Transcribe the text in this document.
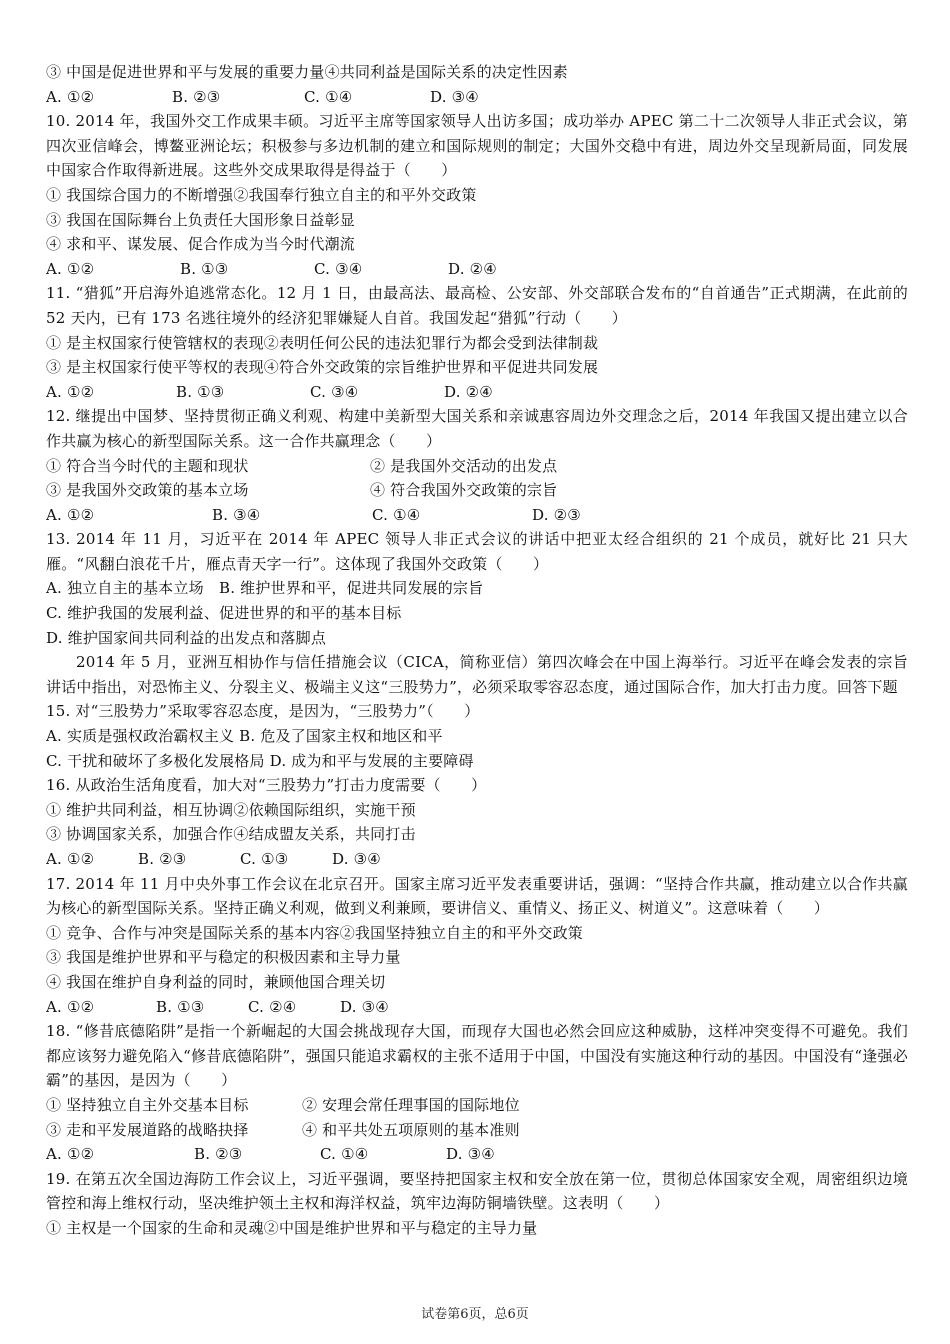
③ 中国是促进世界和平与发展的重要力量④共同利益是国际关系的决定性因素
A. ①②	B. ②③	C. ①④	D. ③④
10. 2014 年，我国外交工作成果丰硕。习近平主席等国家领导人出访多国；成功举办 APEC 第二十二次领导人非正式会议，第四次亚信峰会，博鳌亚洲论坛；积极参与多边机制的建立和国际规则的制定；大国外交稳中有进，周边外交呈现新局面，同发展中国家合作取得新进展。这些外交成果取得是得益于（　　）
① 我国综合国力的不断增强②我国奉行独立自主的和平外交政策
③ 我国在国际舞台上负责任大国形象日益彰显
④ 求和平、谋发展、促合作成为当今时代潮流
A. ①②	B. ①③	C. ③④	D. ②④
11. “猎狐”开启海外追逃常态化。12 月 1 日，由最高法、最高检、公安部、外交部联合发布的“自首通告”正式期满，在此前的 52 天内，已有 173 名逃往境外的经济犯罪嫌疑人自首。我国发起“猎狐”行动（　　）
① 是主权国家行使管辖权的表现②表明任何公民的违法犯罪行为都会受到法律制裁
③ 是主权国家行使平等权的表现④符合外交政策的宗旨维护世界和平促进共同发展
A. ①②	B. ①③	C. ③④	D. ②④
12. 继提出中国梦、坚持贯彻正确义利观、构建中美新型大国关系和亲诚惠容周边外交理念之后，2014 年我国又提出建立以合作共赢为核心的新型国际关系。这一合作共赢理念（　　）
① 符合当今时代的主题和现状	② 是我国外交活动的出发点
③ 是我国外交政策的基本立场	④ 符合我国外交政策的宗旨
A. ①②	B. ③④	C. ①④	D. ②③
13. 2014 年 11 月，习近平在 2014 年 APEC 领导人非正式会议的讲话中把亚太经合组织的 21 个成员，就好比 21 只大雁。“风翻白浪花千片，雁点青天字一行”。这体现了我国外交政策（　　）
A. 独立自主的基本立场　B. 维护世界和平，促进共同发展的宗旨
C. 维护我国的发展利益、促进世界的和平的基本目标
D. 维护国家间共同利益的出发点和落脚点
2014 年 5 月，亚洲互相协作与信任措施会议（CICA，简称亚信）第四次峰会在中国上海举行。习近平在峰会发表的宗旨讲话中指出，对恐怖主义、分裂主义、极端主义这“三股势力”，必须采取零容忍态度，通过国际合作，加大打击力度。回答下题
15. 对“三股势力”采取零容忍态度，是因为，“三股势力”（　　）
A. 实质是强权政治霸权主义 B. 危及了国家主权和地区和平
C. 干扰和破坏了多极化发展格局 D. 成为和平与发展的主要障碍
16. 从政治生活角度看，加大对“三股势力”打击力度需要（　　）
① 维护共同利益，相互协调②依赖国际组织，实施干预
③ 协调国家关系，加强合作④结成盟友关系，共同打击
A. ①②	B. ②③	C. ①③	D. ③④
17. 2014 年 11 月中央外事工作会议在北京召开。国家主席习近平发表重要讲话，强调：“坚持合作共赢，推动建立以合作共赢为核心的新型国际关系。坚持正确义利观，做到义利兼顾，要讲信义、重情义、扬正义、树道义”。这意味着（　　）
① 竞争、合作与冲突是国际关系的基本内容②我国坚持独立自主的和平外交政策
③ 我国是维护世界和平与稳定的积极因素和主导力量
④ 我国在维护自身利益的同时，兼顾他国合理关切
A. ①②	B. ①③	C. ②④	D. ③④
18. “修昔底德陷阱”是指一个新崛起的大国会挑战现存大国，而现存大国也必然会回应这种威胁，这样冲突变得不可避免。我们都应该努力避免陷入“修昔底德陷阱”，强国只能追求霸权的主张不适用于中国，中国没有实施这种行动的基因。中国没有“逢强必霸”的基因，是因为（　　）
① 坚持独立自主外交基本目标	② 安理会常任理事国的国际地位
③ 走和平发展道路的战略抉择	④ 和平共处五项原则的基本准则
A. ①②	B. ②③	C. ①④	D. ③④
19. 在第五次全国边海防工作会议上，习近平强调，要坚持把国家主权和安全放在第一位，贯彻总体国家安全观，周密组织边境管控和海上维权行动，坚决维护领土主权和海洋权益，筑牢边海防铜墙铁壁。这表明（　　）
① 主权是一个国家的生命和灵魂②中国是维护世界和平与稳定的主导力量
试卷第6页，总6页
